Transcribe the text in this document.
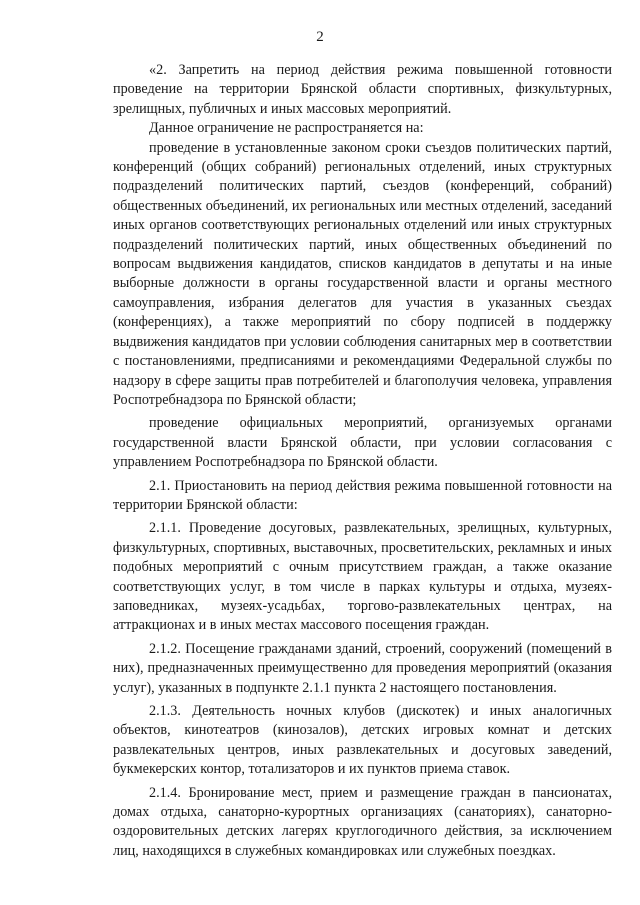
2

«2. Запретить на период действия режима повышенной готовности проведение на территории Брянской области спортивных, физкультурных, зрелищных, публичных и иных массовых мероприятий.

Данное ограничение не распространяется на:

проведение в установленные законом сроки съездов политических партий, конференций (общих собраний) региональных отделений, иных структурных подразделений политических партий, съездов (конференций, собраний) общественных объединений, их региональных или местных отделений, заседаний иных органов соответствующих региональных отделений или иных структурных подразделений политических партий, иных общественных объединений по вопросам выдвижения кандидатов, списков кандидатов в депутаты и на иные выборные должности в органы государственной власти и органы местного самоуправления, избрания делегатов для участия в указанных съездах (конференциях), а также мероприятий по сбору подписей в поддержку выдвижения кандидатов при условии соблюдения санитарных мер в соответствии с постановлениями, предписаниями и рекомендациями Федеральной службы по надзору в сфере защиты прав потребителей и благополучия человека, управления Роспотребнадзора по Брянской области;

проведение официальных мероприятий, организуемых органами государственной власти Брянской области, при условии согласования с управлением Роспотребнадзора по Брянской области.

2.1. Приостановить на период действия режима повышенной готовности на территории Брянской области:

2.1.1. Проведение досуговых, развлекательных, зрелищных, культурных, физкультурных, спортивных, выставочных, просветительских, рекламных и иных подобных мероприятий с очным присутствием граждан, а также оказание соответствующих услуг, в том числе в парках культуры и отдыха, музеях-заповедниках, музеях-усадьбах, торгово-развлекательных центрах, на аттракционах и в иных местах массового посещения граждан.

2.1.2. Посещение гражданами зданий, строений, сооружений (помещений в них), предназначенных преимущественно для проведения мероприятий (оказания услуг), указанных в подпункте 2.1.1 пункта 2 настоящего постановления.

2.1.3. Деятельность ночных клубов (дискотек) и иных аналогичных объектов, кинотеатров (кинозалов), детских игровых комнат и детских развлекательных центров, иных развлекательных и досуговых заведений, букмекерских контор, тотализаторов и их пунктов приема ставок.

2.1.4. Бронирование мест, прием и размещение граждан в пансионатах, домах отдыха, санаторно-курортных организациях (санаториях), санаторно-оздоровительных детских лагерях круглогодичного действия, за исключением лиц, находящихся в служебных командировках или служебных поездках.
